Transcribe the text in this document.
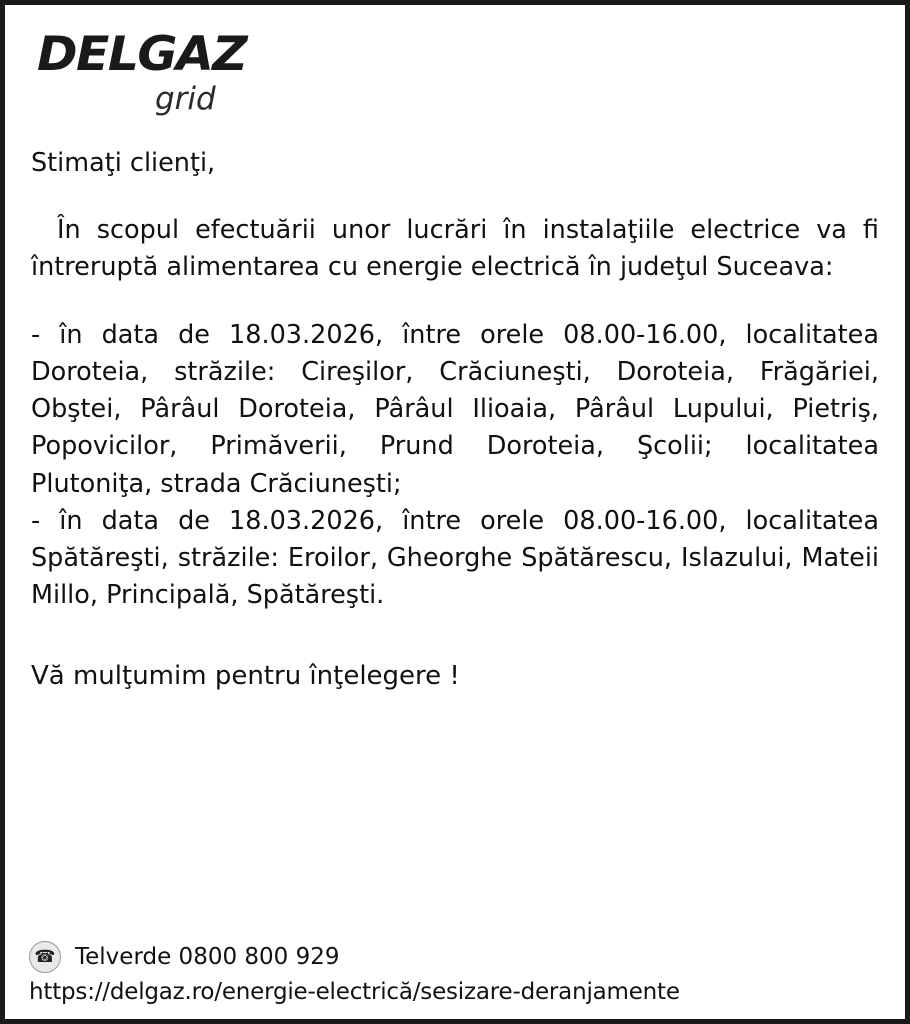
DELGAZ
grid

Stimaţi clienţi,

În scopul efectuării unor lucrări în instalaţiile electrice va fi întreruptă alimentarea cu energie electrică în judeţul Suceava:

- în data de 18.03.2026, între orele 08.00-16.00, localitatea Doroteia, străzile: Cireşilor, Crăciuneşti, Doroteia, Frăgăriei, Obştei, Pârâul Doroteia, Pârâul Ilioaia, Pârâul Lupului, Pietriş, Popovicilor, Primăverii, Prund Doroteia, Şcolii; localitatea Plutoniţa, strada Crăciuneşti;

- în data de 18.03.2026, între orele 08.00-16.00, localitatea Spătăreşti, străzile: Eroilor, Gheorghe Spătărescu, Islazului, Mateii Millo, Principală, Spătăreşti.

Vă mulţumim pentru înţelegere !

☎ Telverde 0800 800 929
https://delgaz.ro/energie-electrică/sesizare-deranjamente
